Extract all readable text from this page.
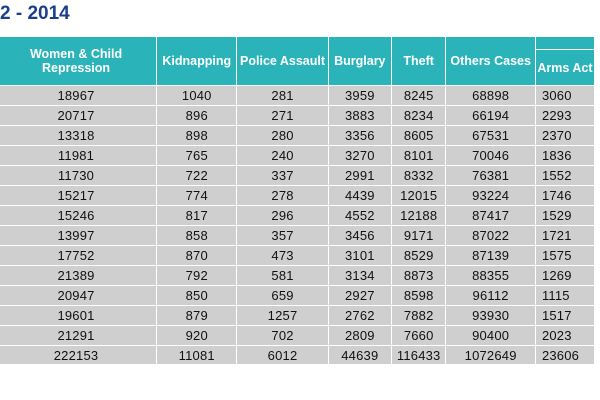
2 - 2014
Women & Child Repression	Kidnapping	Police Assault	Burglary	Theft	Others Cases	
						Arms Act
18967	1040	281	3959	8245	68898	3060
20717	896	271	3883	8234	66194	2293
13318	898	280	3356	8605	67531	2370
11981	765	240	3270	8101	70046	1836
11730	722	337	2991	8332	76381	1552
15217	774	278	4439	12015	93224	1746
15246	817	296	4552	12188	87417	1529
13997	858	357	3456	9171	87022	1721
17752	870	473	3101	8529	87139	1575
21389	792	581	3134	8873	88355	1269
20947	850	659	2927	8598	96112	1115
19601	879	1257	2762	7882	93930	1517
21291	920	702	2809	7660	90400	2023
222153	11081	6012	44639	116433	1072649	23606
